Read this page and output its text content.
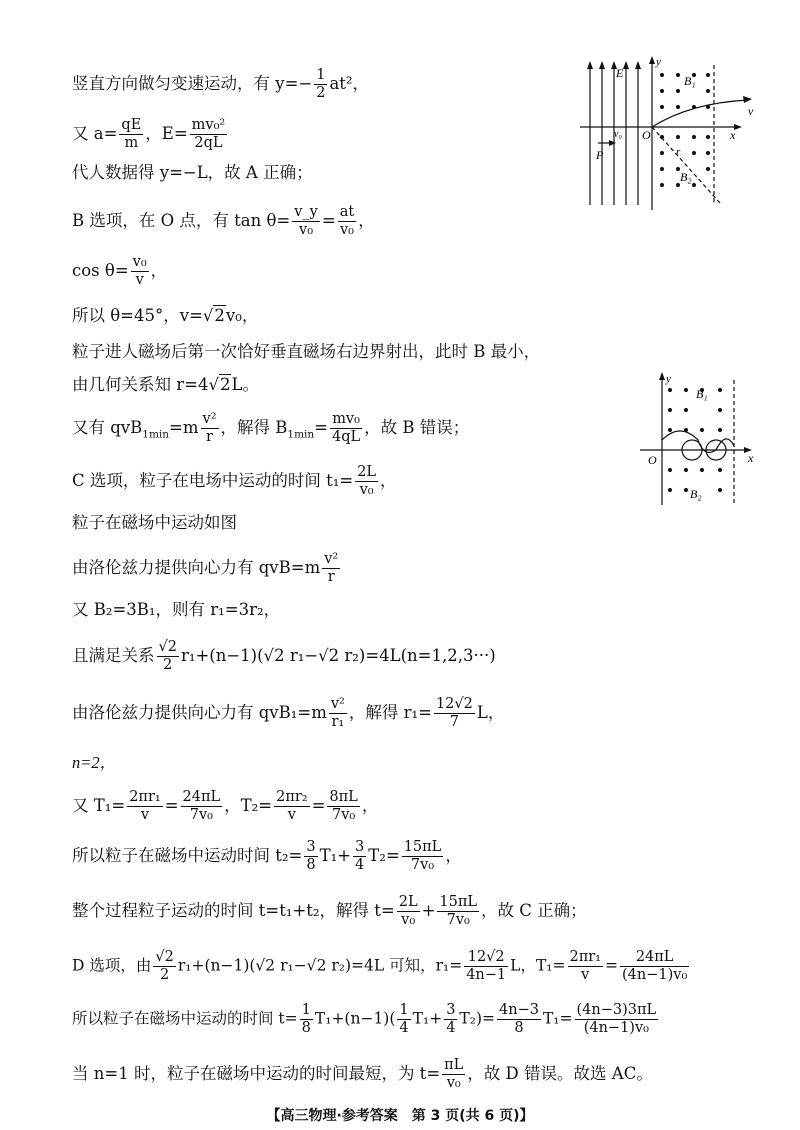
E
y
B₁
B₂
v
x
O
v₀
P	r
y
B₁
B₂
O	x
竖直方向做匀变速运动，有 $y=- \frac{1}{2} at^2$，
又 $a= \frac{qE}{m}$ ，$E= \frac{\text{mv₀²}}{2qL}$
代人数据得 y=−L，故 A 正确；
B 选项，在 O 点，有 $\tan \theta= \frac{v\_y}{\text{v₀}} = \frac{at}{\text{v₀}}$ ，
$\cos \theta= \frac{\text{v₀}}{v}$ ，
所以 θ=45°，v=√2v₀，
粒子进人磁场后第一次恰好垂直磁场右边界射出，此时 B 最小，
由几何关系知 r=4√2L。
又有 $qvB_{1min}=m \frac{\text{v²}}{r}$ ，解得 $B_{1min}= \frac{\text{mv₀}}{4qL}$ ，故 B 错误；
C 选项，粒子在电场中运动的时间 $t_1= \frac{2L}{\text{v₀}}$ ，
粒子在磁场中运动如图
由洛伦兹力提供向心力有 $qvB=m \frac{\text{v²}}{r}$
又 B₂=3B₁，则有 r₁=3r₂，
且满足关系 $\frac{√2}{2} r_1+(n-1)(√2$ r₁−√2 r₂)=4L(n=1,2,3···)
由洛伦兹力提供向心力有 $qvB_1=m \frac{\text{v²}}{\text{r₁}}$ ，解得 $r_1= \frac{12√2}{7}$ L，
n=2，
又 $T_1= \frac{\text{2πr₁}}{v} = \frac{24\pi L}{\text{7v₀}}$ ，$T_2= \frac{\text{2πr₂}}{v} = \frac{8\pi L}{\text{7v₀}}$ ，
所以粒子在磁场中运动时间 $t_2= \frac{3}{8} T_1+ \frac{3}{4} T_2= \frac{15\pi L}{\text{7v₀}}$ ，
整个过程粒子运动的时间 t=t₁+t₂，解得 $t= \frac{2L}{\text{v₀}} + \frac{15\pi L}{\text{7v₀}}$ ，故 C 正确；
D 选项，由 $\frac{√2}{2} r_1+(n-1)(√2$ r₁−√2 r₂)=4L 可知，$r_1= \frac{12√2}{4n-1}$ L，$T_1= \frac{\text{2πr₁}}{v} = \frac{24\pi L}{\text{(4n−1)v₀}}$
所以粒子在磁场中运动的时间 $t= \frac{1}{8} T_1+(n-1)( \frac{1}{4} T_1+ \frac{3}{4} T_2)= \frac{4n-3}{8} T_1= \frac{(4n-3)3\pi L}{\text{(4n−1)v₀}}$
当 n=1 时，粒子在磁场中运动的时间最短，为 $t= \frac{\pi L}{\text{v₀}}$ ，故 D 错误。故选 AC。
【高三物理·参考答案　第 3 页(共 6 页)】
